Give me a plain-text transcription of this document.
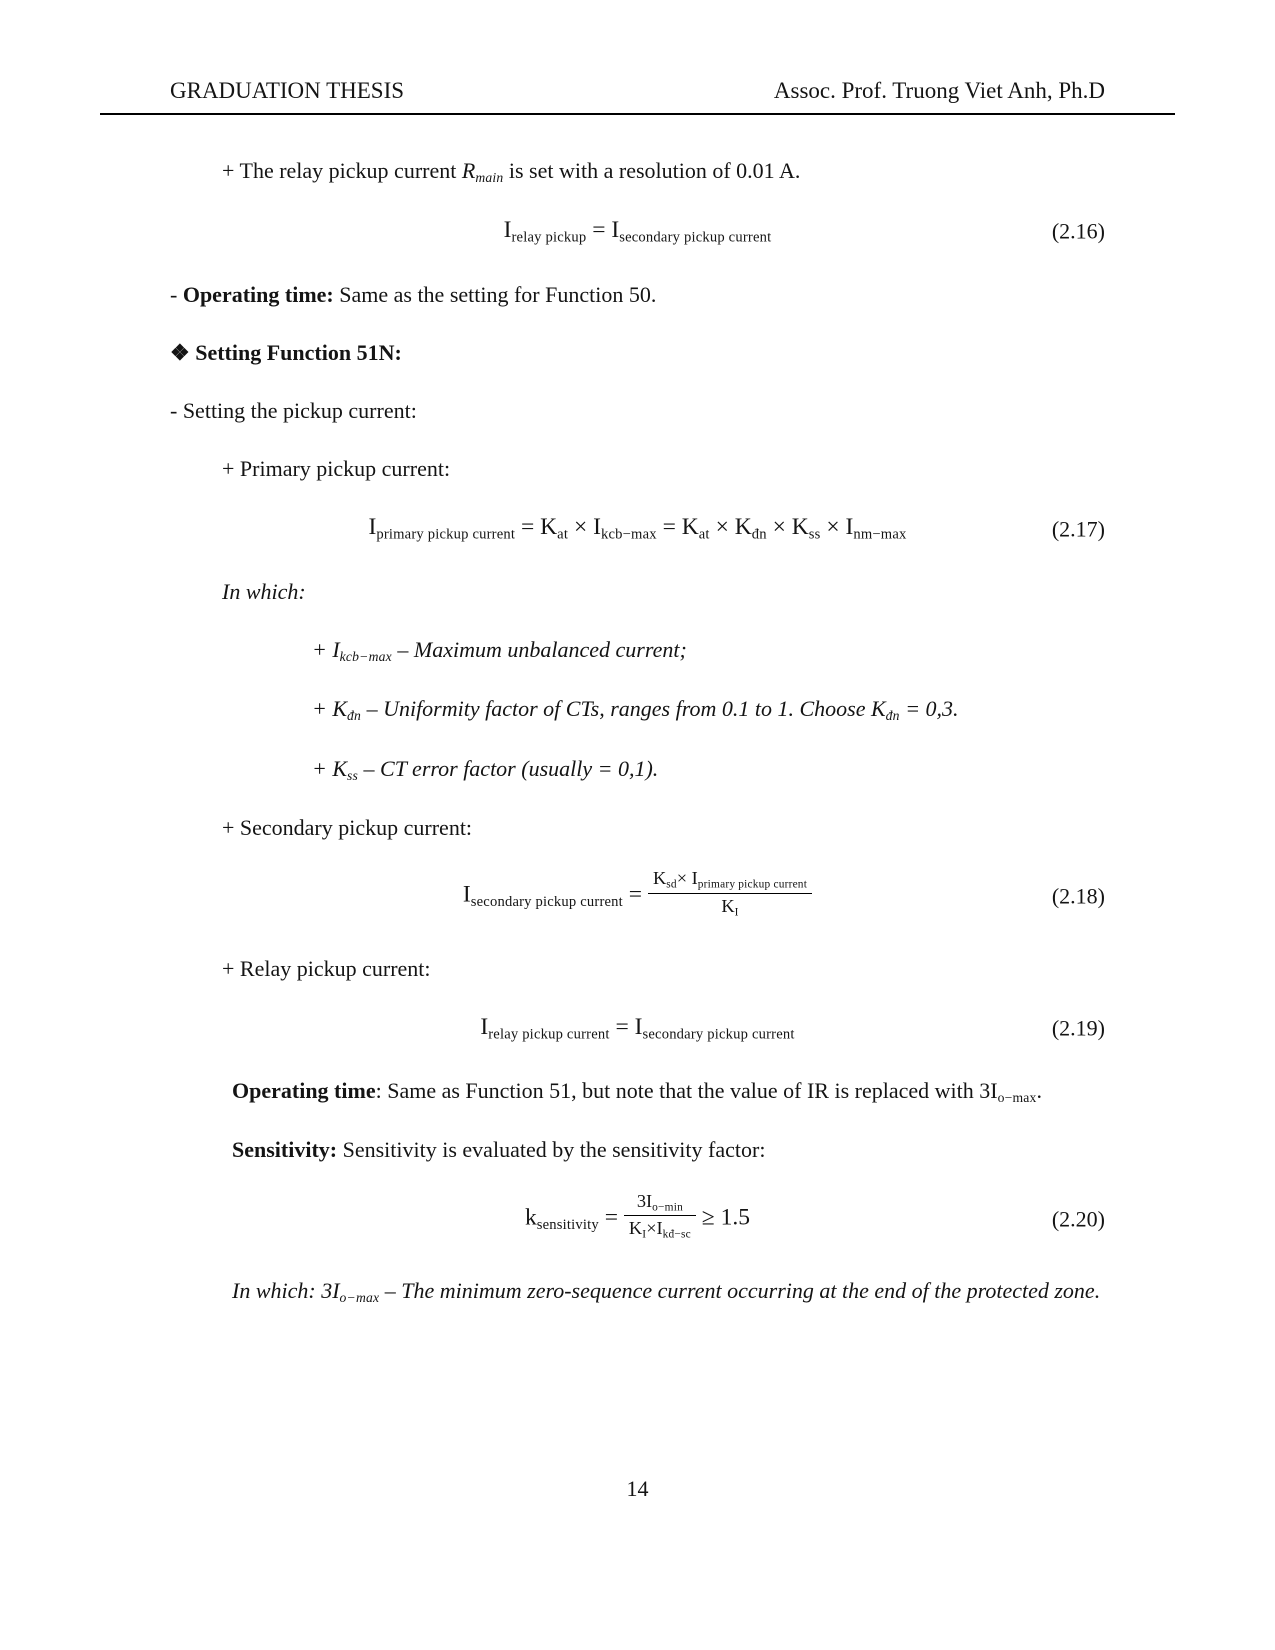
GRADUATION THESIS	Assoc. Prof. Truong Viet Anh, Ph.D
+ The relay pickup current $R_{main}$ is set with a resolution of 0.01 A.
$I_{relay pickup} = I_{secondary pickup current}$	(2.16)
- Operating time: Same as the setting for Function 50.
❖ Setting Function 51N:
- Setting the pickup current:
+ Primary pickup current:
$I_{primary pickup current} = K_{at} \times I_{kcb-max} = K_{at} \times K_{đn} \times K_{ss} \times I_{nm-max}$	(2.17)
In which:
+ $I_{kcb-max}$ – Maximum unbalanced current;
+ $K_{đn}$ – Uniformity factor of CTs, ranges from 0.1 to 1. Choose $K_{đn} = 0,3$.
+ $K_{ss}$ – CT error factor (usually = 0,1).
+ Secondary pickup current:
$I_{secondary pickup current} = \frac{K_{sd}\times I_{primary pickup current}}{K_I}$	(2.18)
+ Relay pickup current:
$I_{relay pickup current} = I_{secondary pickup current}$	(2.19)
Operating time: Same as Function 51, but note that the value of IR is replaced with $3I_{o-max}$.
Sensitivity: Sensitivity is evaluated by the sensitivity factor:
$k_{sensitivity} = \frac{3I_{o-min}}{K_I\times I_{kđ-sc}} \ge 1.5$	(2.20)
In which: $3I_{o-max}$ – The minimum zero-sequence current occurring at the end of the protected zone.
14
